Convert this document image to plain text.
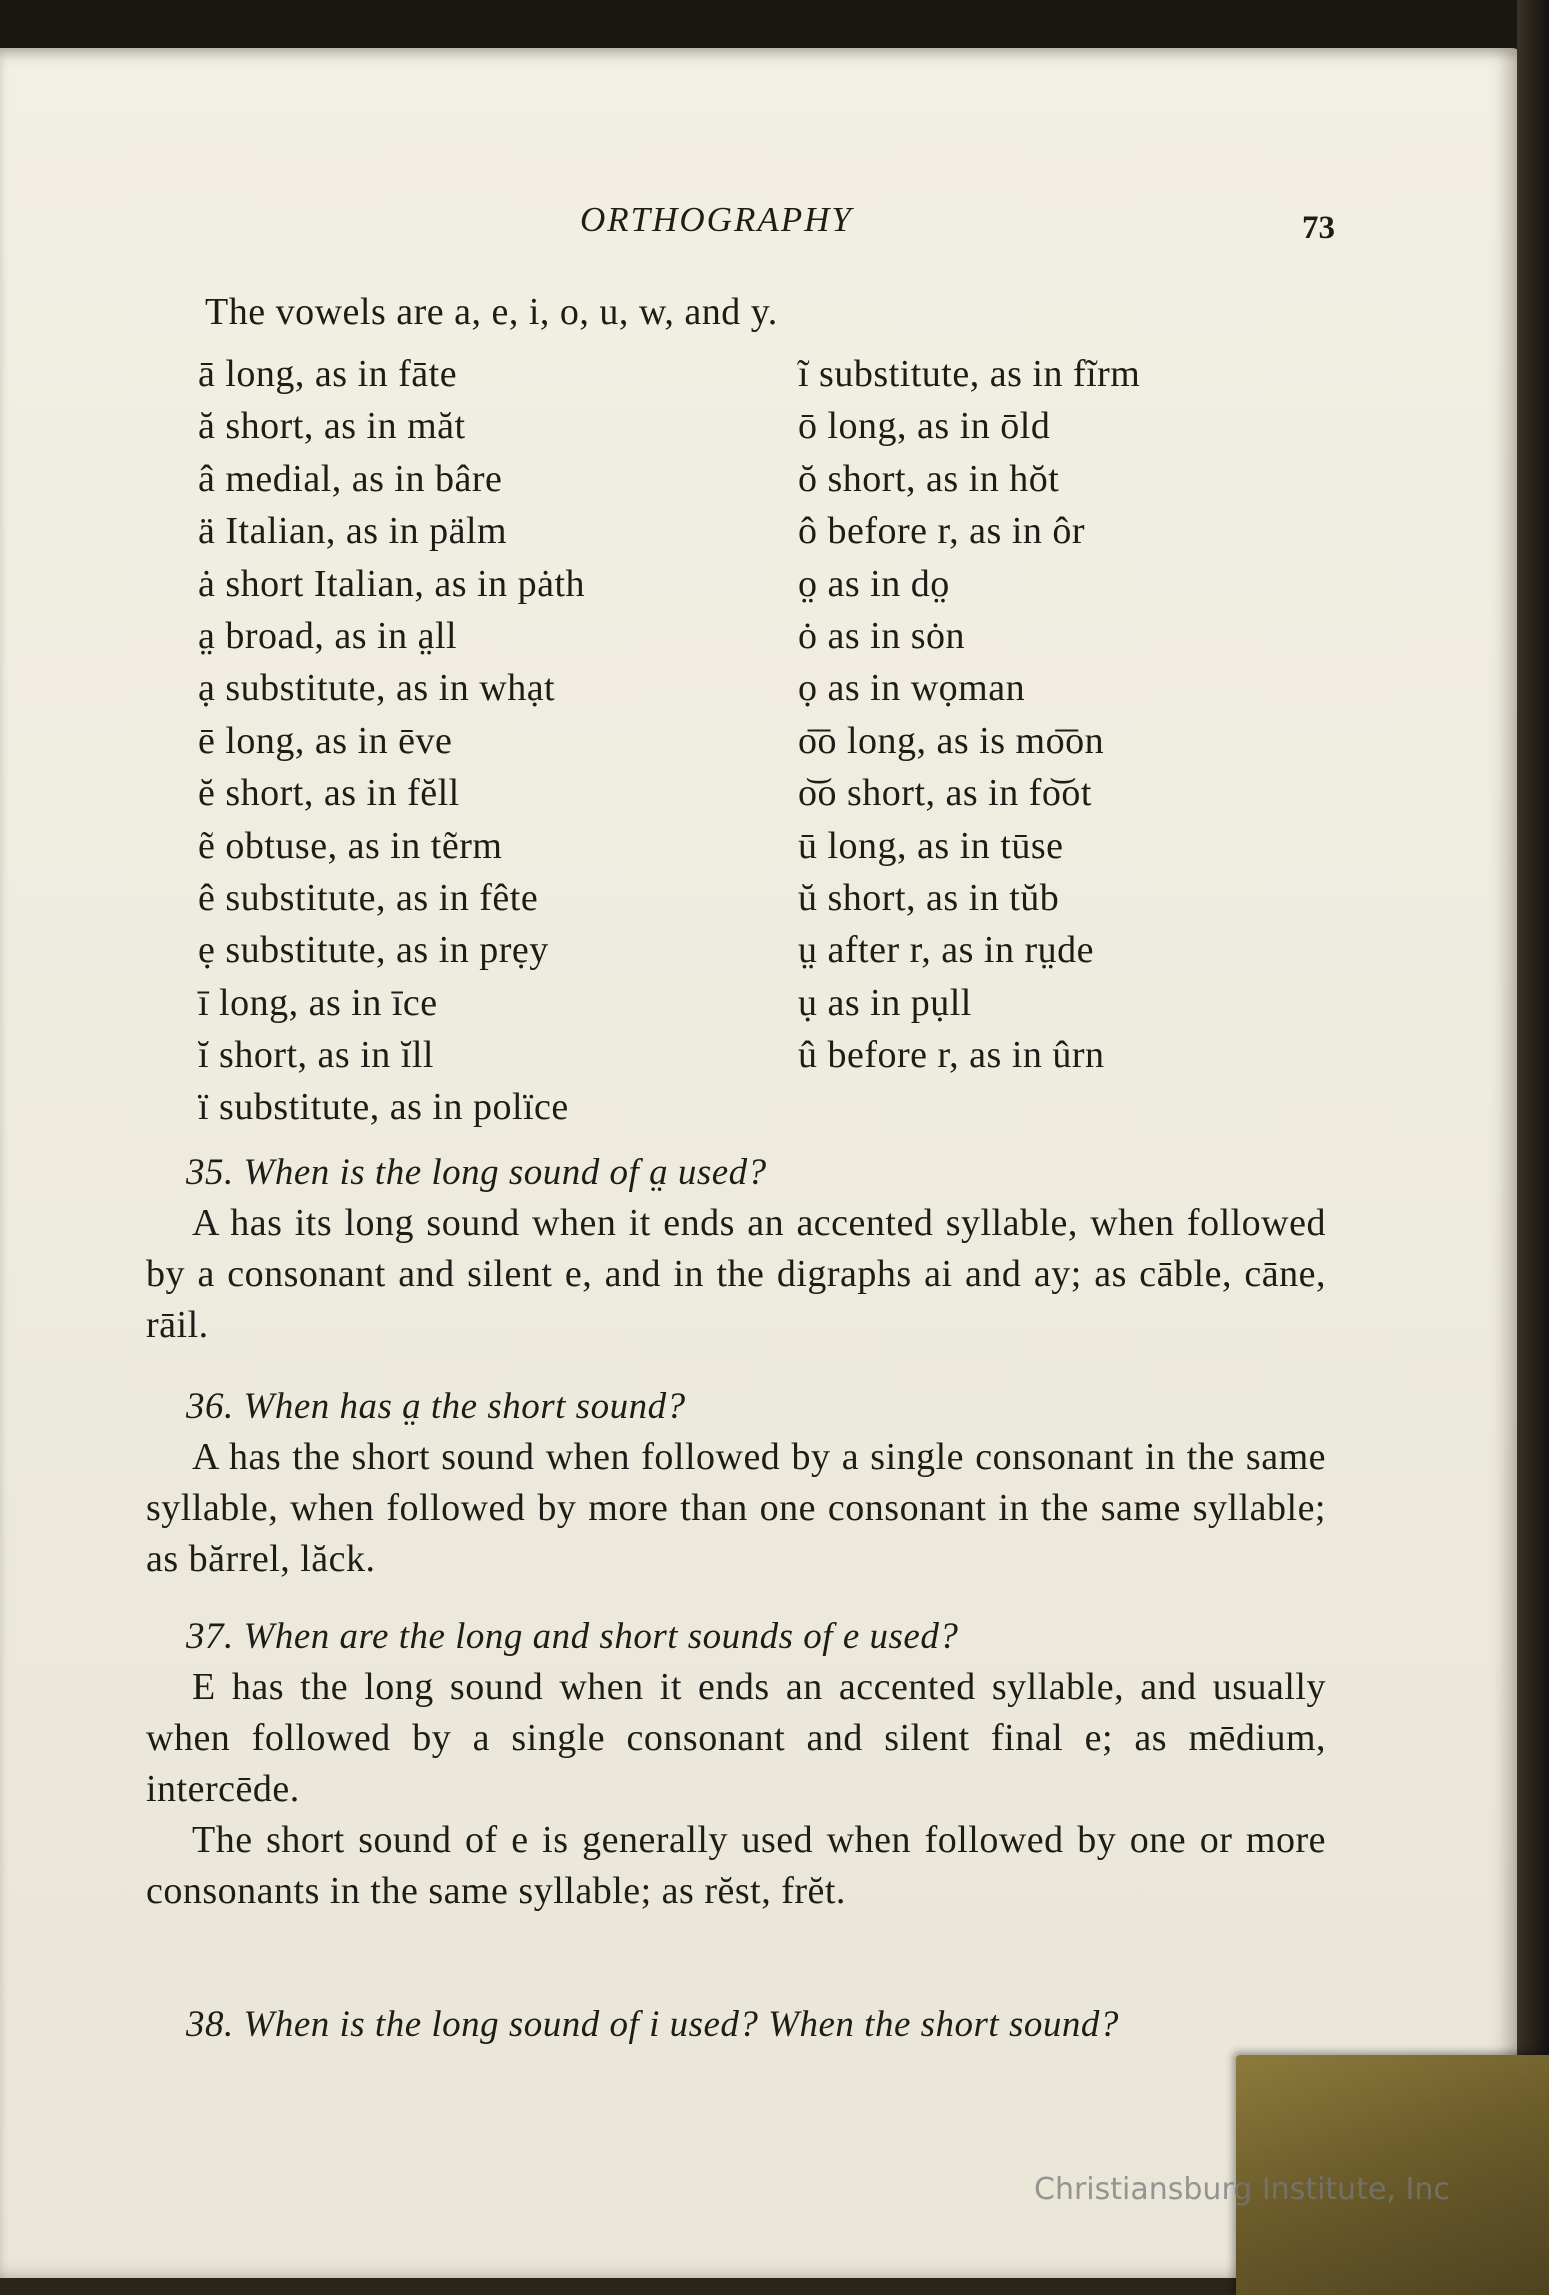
ORTHOGRAPHY	73
The vowels are a, e, i, o, u, w, and y.
ā long, as in fāte
ă short, as in măt
â medial, as in bâre
ä Italian, as in pälm
ȧ short Italian, as in pȧth
a̤ broad, as in a̤ll
ạ substitute, as in whạt
ē long, as in ēve
ĕ short, as in fĕll
ẽ obtuse, as in tẽrm
ê substitute, as in fête
ẹ substitute, as in prẹy
ī long, as in īce
ĭ short, as in ĭll
ï substitute, as in polïce
ĩ substitute, as in fĩrm
ō long, as in ōld
ŏ short, as in hŏt
ô before r, as in ôr
o̤ as in do̤
ȯ as in sȯn
ọ as in wọman
o͞o long, as is mo͞on
o͝o short, as in fo͝ot
ū long, as in tūse
ŭ short, as in tŭb
ṳ after r, as in rṳde
ụ as in pụll
û before r, as in ûrn

35. When is the long sound of a̤ used?

A has its long sound when it ends an accented syllable, when followed by a consonant and silent e, and in the digraphs ai and ay; as cāble, cāne, rāil.

36. When has a̤ the short sound?

A has the short sound when followed by a single consonant in the same syllable, when followed by more than one consonant in the same syllable; as bărrel, lăck.

37. When are the long and short sounds of e used?

E has the long sound when it ends an accented syllable, and usually when followed by a single consonant and silent final e; as mēdium, intercēde.

The short sound of e is generally used when followed by one or more consonants in the same syllable; as rĕst, frĕt.

38. When is the long sound of i used? When the short sound?

Christiansburg Institute, Inc
